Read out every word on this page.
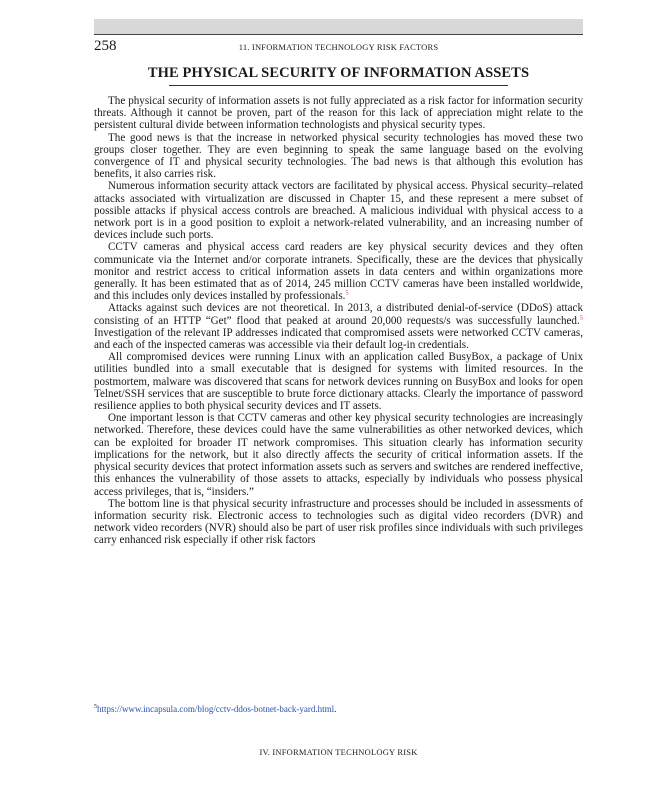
258	11. INFORMATION TECHNOLOGY RISK FACTORS
THE PHYSICAL SECURITY OF INFORMATION ASSETS

The physical security of information assets is not fully appreciated as a risk factor for information security threats. Although it cannot be proven, part of the reason for this lack of appreciation might relate to the persistent cultural divide between information technologists and physical security types.

The good news is that the increase in networked physical security technologies has moved these two groups closer together. They are even beginning to speak the same language based on the evolving convergence of IT and physical security technologies. The bad news is that although this evolution has benefits, it also carries risk.

Numerous information security attack vectors are facilitated by physical access. Physical security–related attacks associated with virtualization are discussed in Chapter 15, and these represent a mere subset of possible attacks if physical access controls are breached. A malicious individual with physical access to a network port is in a good position to exploit a network-related vulnerability, and an increasing number of devices include such ports.

CCTV cameras and physical access card readers are key physical security devices and they often communicate via the Internet and/or corporate intranets. Specifically, these are the devices that physically monitor and restrict access to critical information assets in data centers and within organizations more generally. It has been estimated that as of 2014, 245 million CCTV cameras have been installed worldwide, and this includes only devices installed by professionals.$^5$

Attacks against such devices are not theoretical. In 2013, a distributed denial-of-service (DDoS) attack consisting of an HTTP “Get” flood that peaked at around 20,000 requests/s was successfully launched.$^5$ Investigation of the relevant IP addresses indicated that compromised assets were networked CCTV cameras, and each of the inspected cameras was accessible via their default log-in credentials.

All compromised devices were running Linux with an application called BusyBox, a package of Unix utilities bundled into a small executable that is designed for systems with limited resources. In the postmortem, malware was discovered that scans for network devices running on BusyBox and looks for open Telnet/SSH services that are susceptible to brute force dictionary attacks. Clearly the importance of password resilience applies to both physical security devices and IT assets.

One important lesson is that CCTV cameras and other key physical security technologies are increasingly networked. Therefore, these devices could have the same vulnerabilities as other networked devices, which can be exploited for broader IT network compromises. This situation clearly has information security implications for the network, but it also directly affects the security of critical information assets. If the physical security devices that protect information assets such as servers and switches are rendered ineffective, this enhances the vulnerability of those assets to attacks, especially by individuals who possess physical access privileges, that is, “insiders.”

The bottom line is that physical security infrastructure and processes should be included in assessments of information security risk. Electronic access to technologies such as digital video recorders (DVR) and network video recorders (NVR) should also be part of user risk profiles since individuals with such privileges carry enhanced risk especially if other risk factors

$^5$https://www.incapsula.com/blog/cctv-ddos-botnet-back-yard.html.
IV. INFORMATION TECHNOLOGY RISK
